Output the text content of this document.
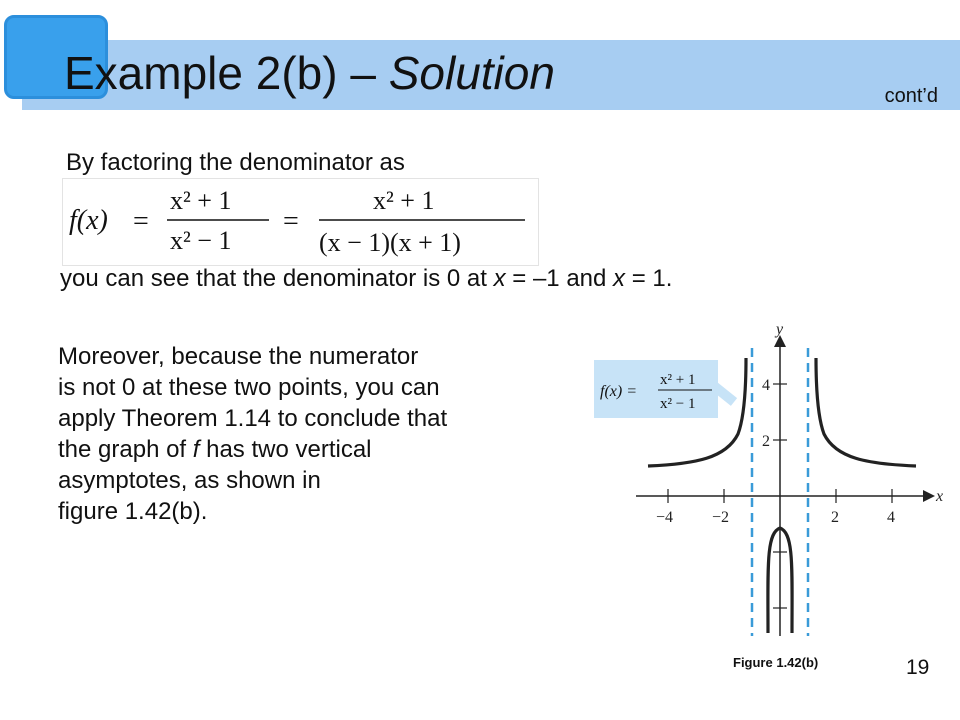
Example 2(b) – Solution	cont’d
By factoring the denominator as
f(x) =
x² + 1
x² − 1
=
x² + 1
(x − 1)(x + 1)
you can see that the denominator is 0 at x = –1 and x = 1.
Moreover, because the numerator
is not 0 at these two points, you can
apply Theorem 1.14 to conclude that
the graph of f has two vertical
asymptotes, as shown in
figure 1.42(b).	−4 −2	2	4
2
4
y
x
f(x) =
x² + 1
x² − 1
Figure 1.42(b)	19
